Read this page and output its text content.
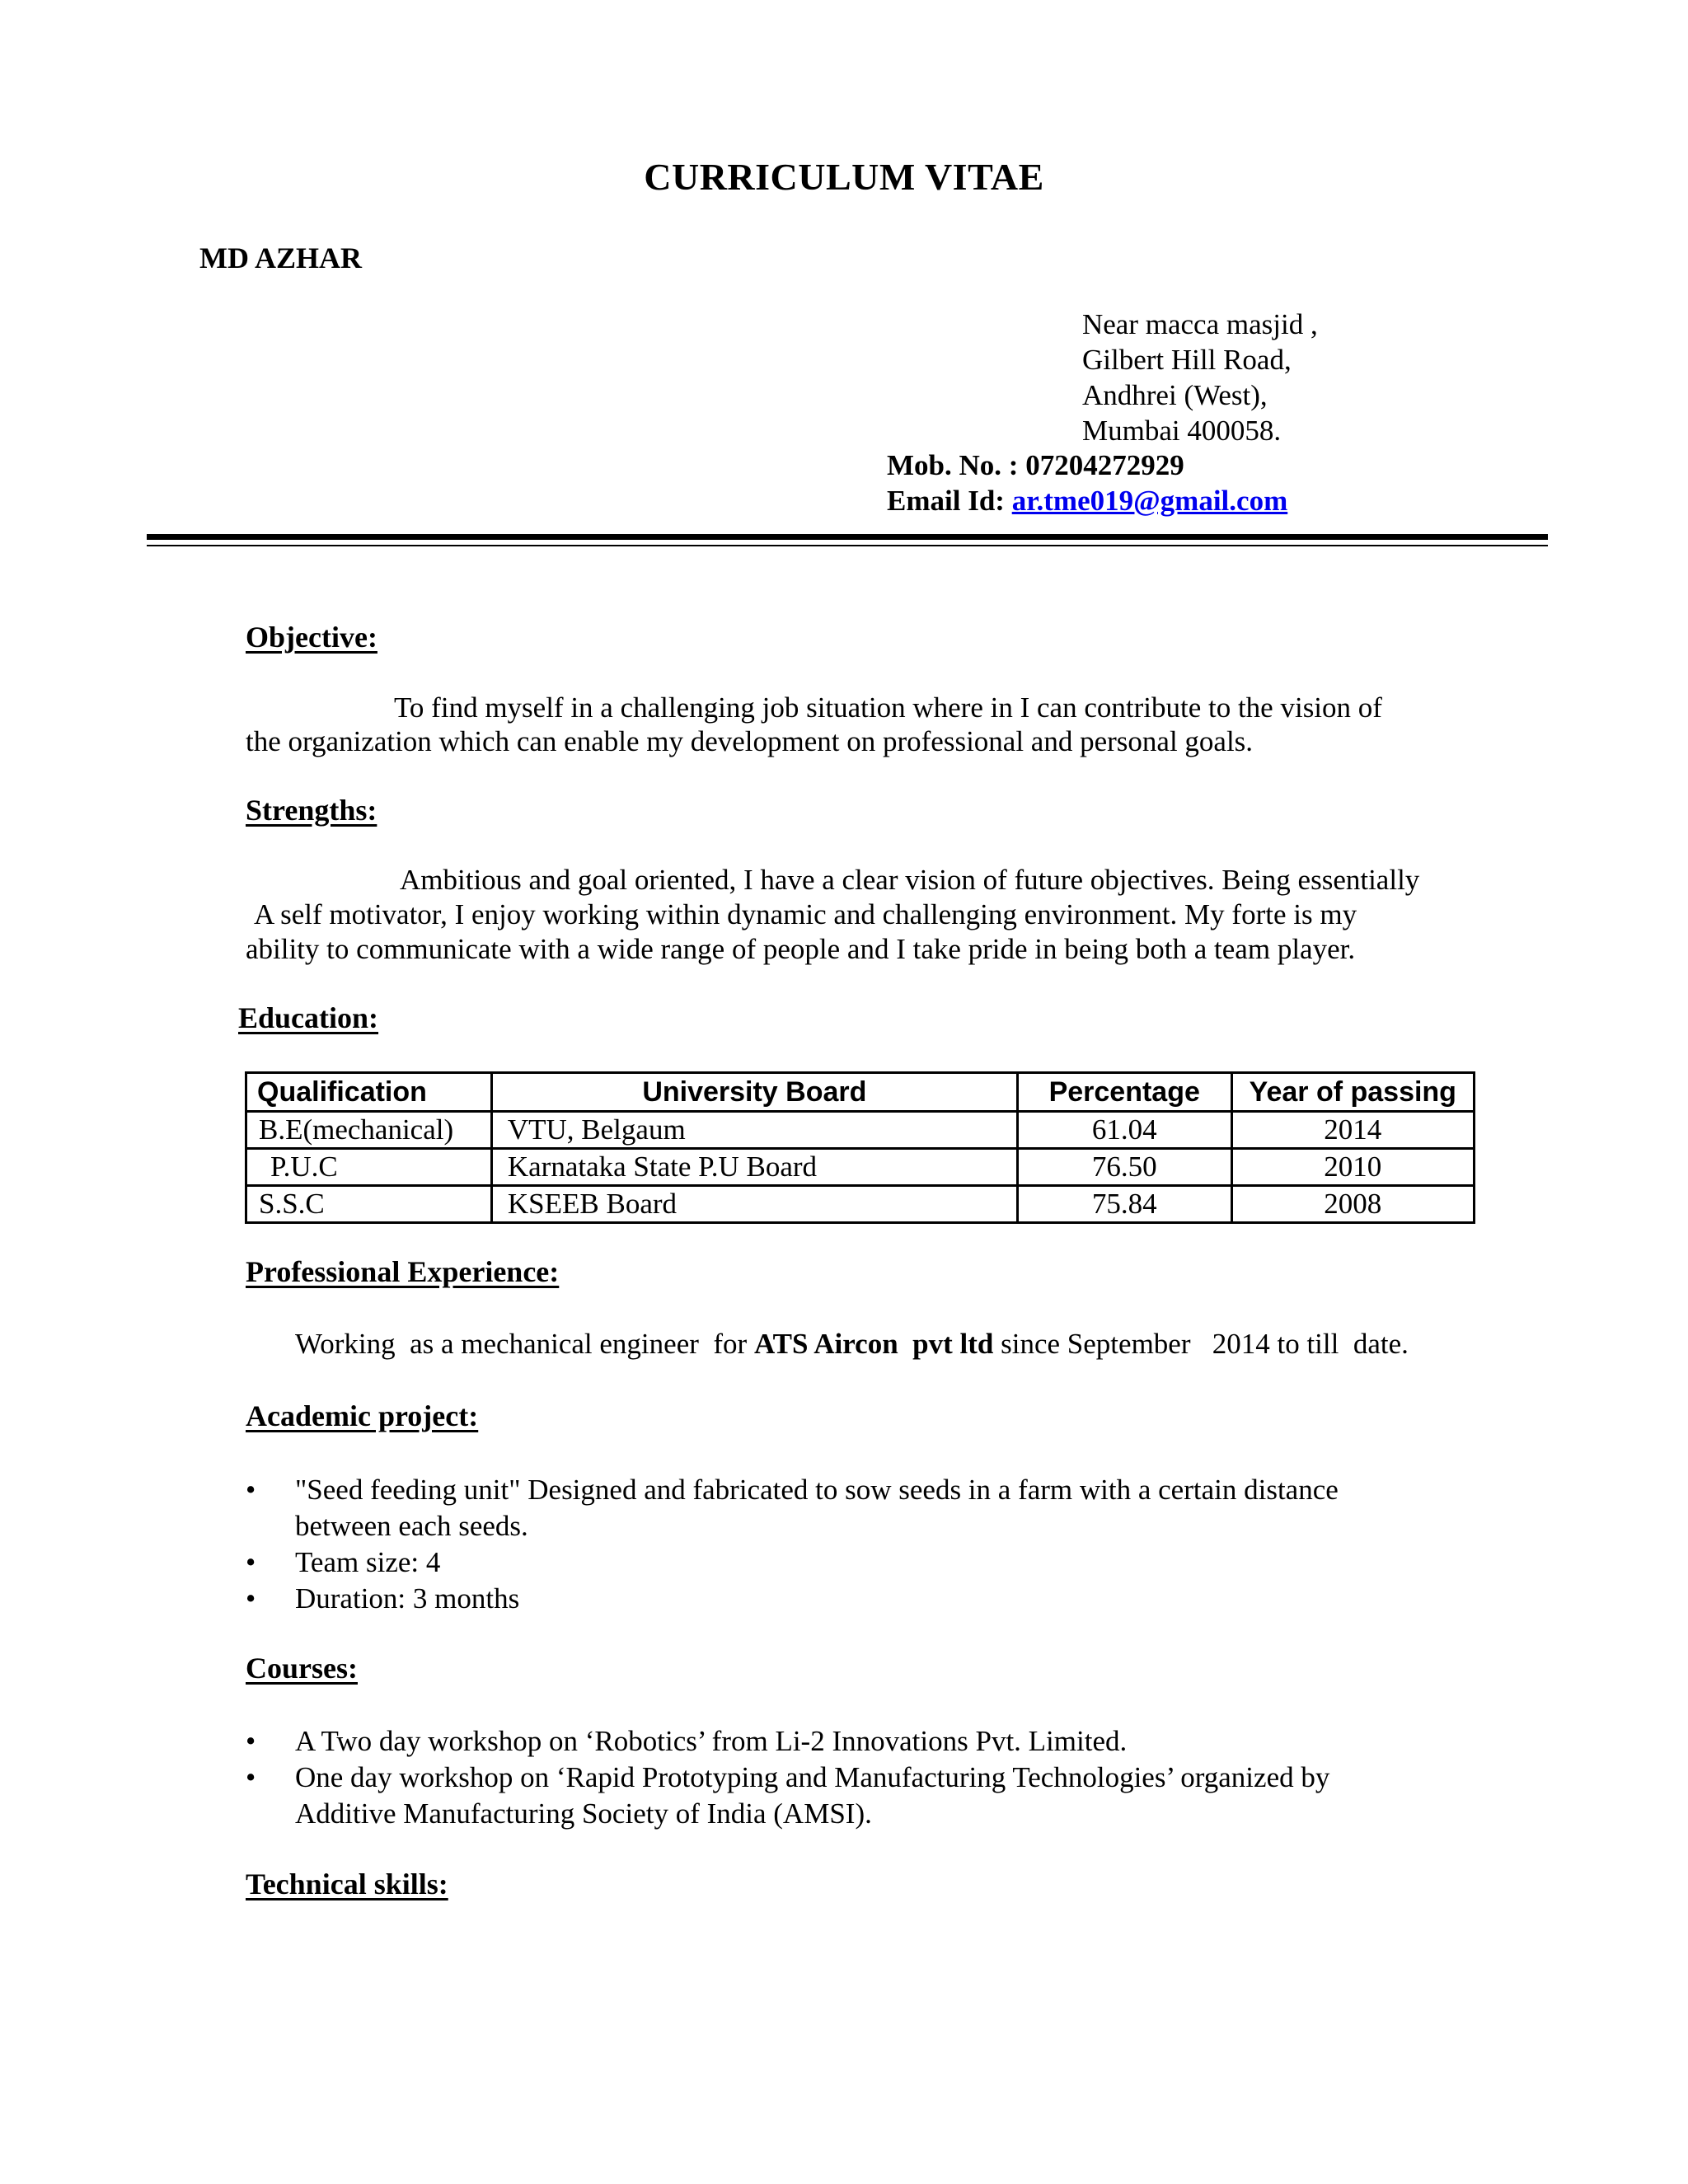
CURRICULUM VITAE
MD AZHAR
Near macca masjid ,
Gilbert Hill Road,
Andhrei (West),
Mumbai 400058.
Mob. No. : 07204272929
Email Id: ar.tme019@gmail.com
Objective:
To find myself in a challenging job situation where in I can contribute to the vision of
the organization which can enable my development on professional and personal goals.
Strengths:
Ambitious and goal oriented, I have a clear vision of future objectives. Being essentially
A self motivator, I enjoy working within dynamic and challenging environment. My forte is my
ability to communicate with a wide range of people and I take pride in being both a team player.
Education:
Qualification	University Board	Percentage	Year of passing
B.E(mechanical)	VTU, Belgaum	61.04	2014
P.U.C	Karnataka State P.U Board	76.50	2010
S.S.C	KSEEB Board	75.84	2008
Professional Experience:
Working  as a mechanical engineer  for ATS Aircon  pvt ltd since September   2014 to till  date.
Academic project:
•	"Seed feeding unit" Designed and fabricated to sow seeds in a farm with a certain distance
between each seeds.
•	Team size: 4
•	Duration: 3 months
Courses:
•	A Two day workshop on ‘Robotics’ from Li-2 Innovations Pvt. Limited.
•	One day workshop on ‘Rapid Prototyping and Manufacturing Technologies’ organized by
Additive Manufacturing Society of India (AMSI).
Technical skills:
